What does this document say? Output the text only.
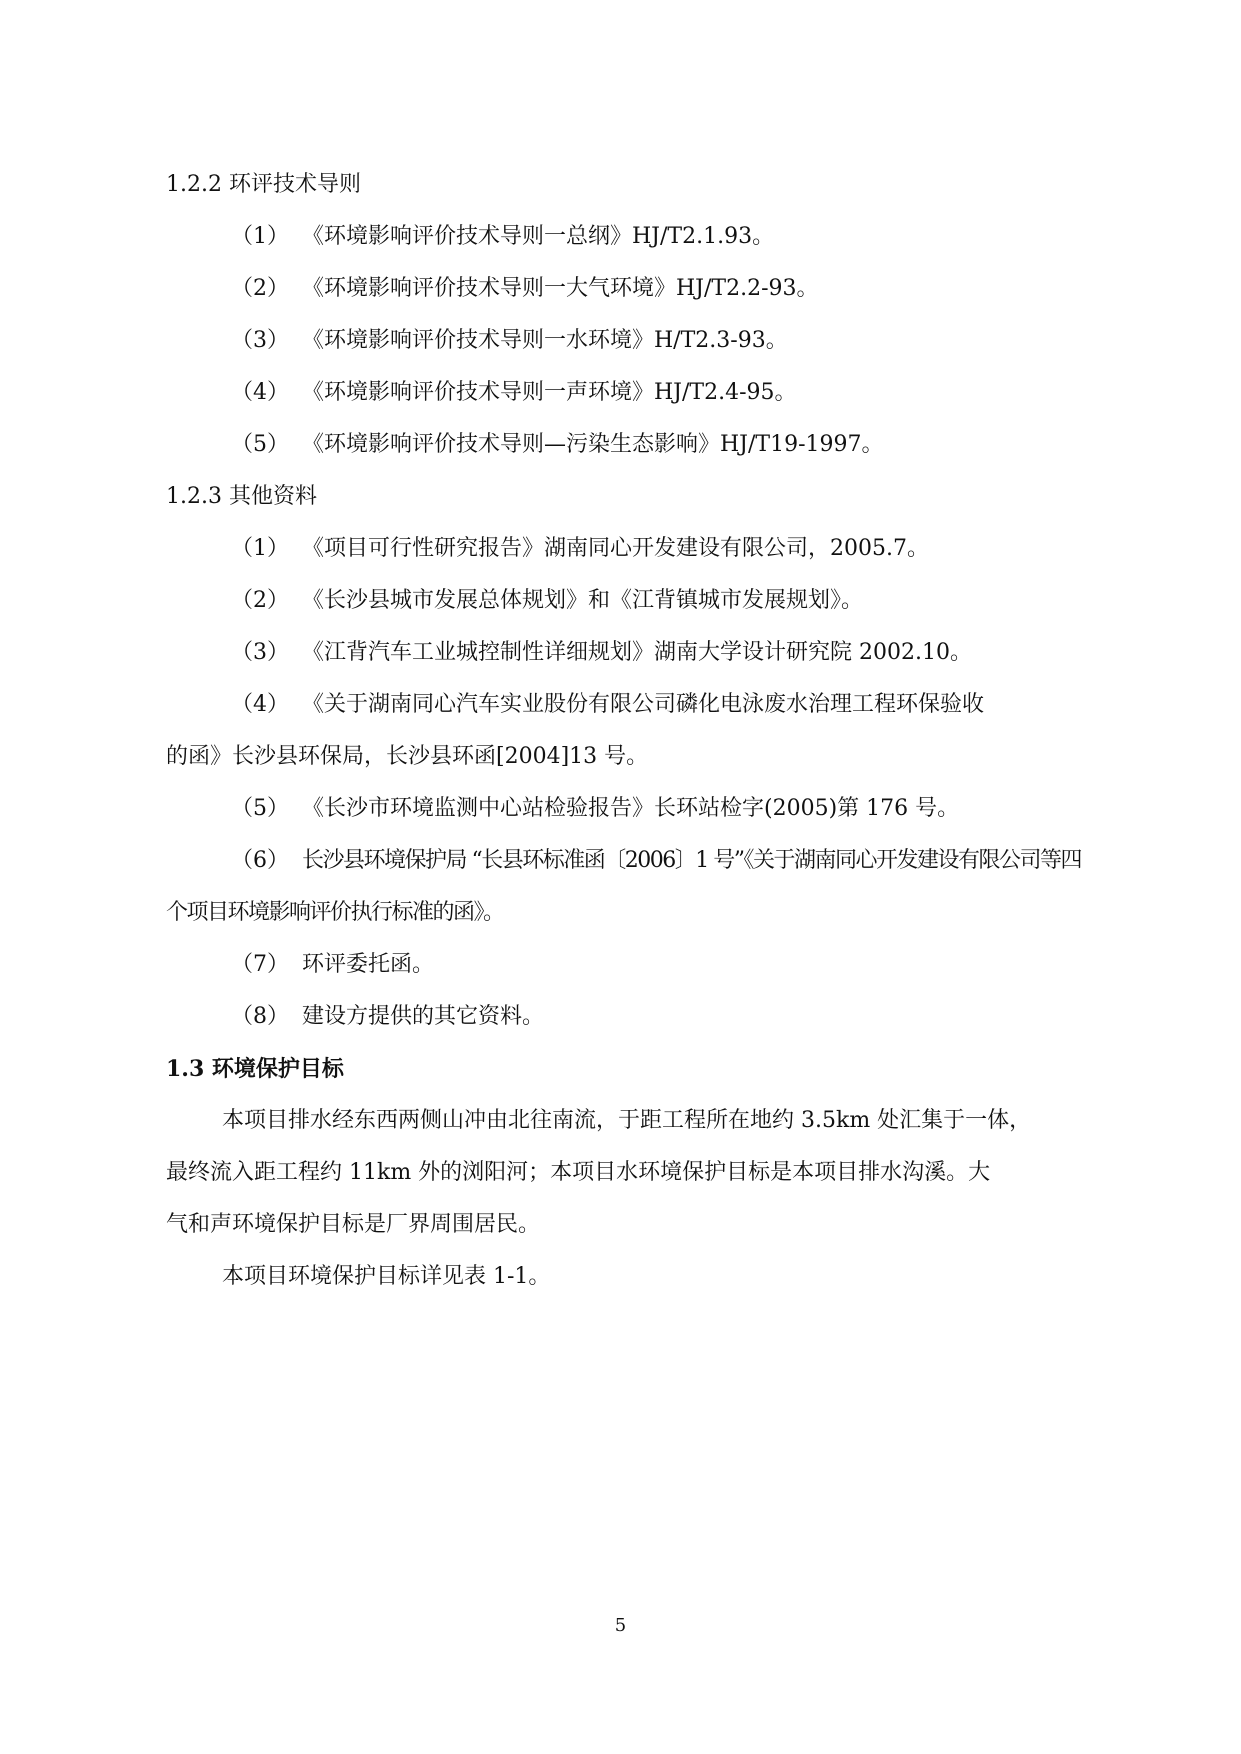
1.2.2 环评技术导则
（1） 《环境影响评价技术导则一总纲》HJ/T2.1.93。
（2） 《环境影响评价技术导则一大气环境》HJ/T2.2-93。
（3） 《环境影响评价技术导则一水环境》H/T2.3-93。
（4） 《环境影响评价技术导则一声环境》HJ/T2.4-95。
（5） 《环境影响评价技术导则—污染生态影响》HJ/T19-1997。
1.2.3 其他资料
（1） 《项目可行性研究报告》湖南同心开发建设有限公司，2005.7。
（2） 《长沙县城市发展总体规划》和《江背镇城市发展规划》。
（3） 《江背汽车工业城控制性详细规划》湖南大学设计研究院 2002.10。
（4） 《关于湖南同心汽车实业股份有限公司磷化电泳废水治理工程环保验收
的函》长沙县环保局，长沙县环函[2004]13 号。
（5） 《长沙市环境监测中心站检验报告》长环站检字(2005)第 176 号。
（6） 长沙县环境保护局 “长县环标准函〔2006〕1 号”《关于湖南同心开发建设有限公司等四
个项目环境影响评价执行标准的函》。
（7） 环评委托函。
（8） 建设方提供的其它资料。
1.3 环境保护目标
本项目排水经东西两侧山冲由北往南流，于距工程所在地约 3.5km 处汇集于一体，
最终流入距工程约 11km 外的浏阳河；本项目水环境保护目标是本项目排水沟溪。大
气和声环境保护目标是厂界周围居民。
本项目环境保护目标详见表 1-1。
5
